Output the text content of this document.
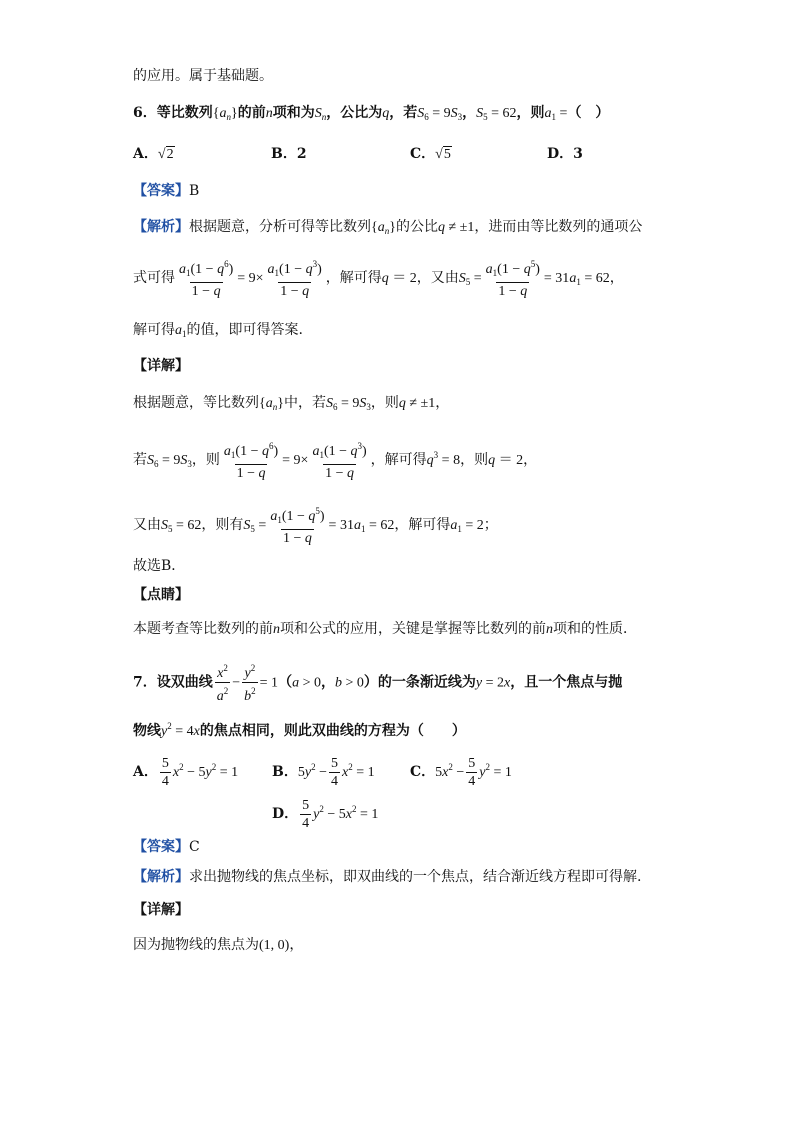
的应用。属于基础题。
6．等比数列$\{a_n\}$的前n项和为$S_n$，公比为q，若$S_6 = 9S_3$，$S_5 = 62$，则$a_1$ =（　）
A．√2	B．2	C．√5	D．3
【答案】B
【解析】根据题意，分析可得等比数列$\{a_n\}$的公比q ≠ ±1，进而由等比数列的通项公
式可得 $\frac{a_1(1 - q^6)}{1 - q} = 9\times \frac{a_1(1 - q^3)}{1 - q}$ ，解可得q ＝ 2，又由$S_5 = \frac{a_1(1 - q^5)}{1 - q} = 31a_1 = 62$，
解可得$a_1$的值，即可得答案.
【详解】
根据题意，等比数列$\{a_n\}$中，若$S_6 = 9S_3$，则q ≠ ±1，
若$S_6 = 9S_3$，则 $\frac{a_1(1 - q^6)}{1 - q} = 9\times \frac{a_1(1 - q^3)}{1 - q}$ ，解可得$q^3 = 8$，则q ＝ 2，
又由$S_5 = 62$，则有$S_5 = \frac{a_1(1 - q^5)}{1 - q} = 31a_1 = 62$，解可得$a_1 = 2$；
故选B．
【点睛】
本题考查等比数列的前n项和公式的应用，关键是掌握等比数列的前n项和的性质．
7．设双曲线 $\frac{x^2}{a^2} - \frac{y^2}{b^2} = 1(a > 0$，b > 0）的一条渐近线为y = 2x，且一个焦点与抛
物线$y^2 = 4x$的焦点相同，则此双曲线的方程为（　　）
A． $\frac{5}{4} x^2 - 5y^2 = 1$ B．$5y^2 - \frac{5}{4} x^2 = 1$	C．$5x^2 - \frac{5}{4} y^2 = 1$
D． $\frac{5}{4} y^2 - 5x^2 = 1$
【答案】C
【解析】求出抛物线的焦点坐标，即双曲线的一个焦点，结合渐近线方程即可得解.
【详解】
因为抛物线的焦点为(1, 0)，
